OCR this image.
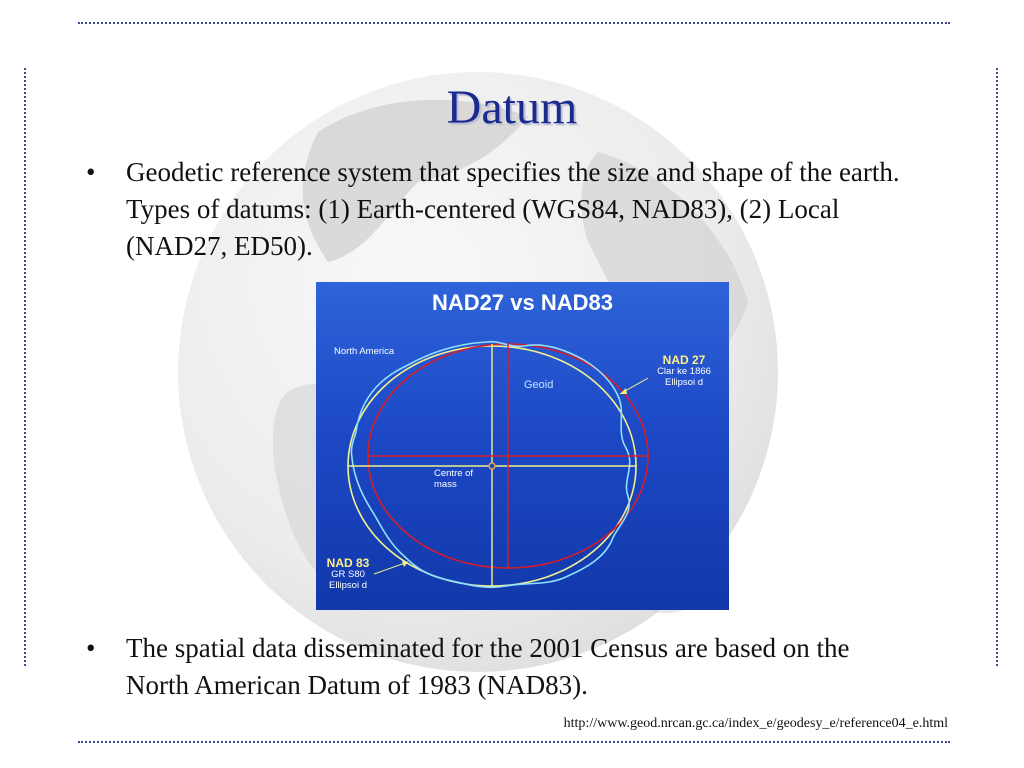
Datum
•	Geodetic reference system that specifies the size and shape of the earth. Types of datums: (1) Earth-centered (WGS84, NAD83), (2) Local (NAD27, ED50).
NAD27 vs NAD83
North America
Geoid
NAD 27
Clar ke 1866
Ellipsoi d
Centre of
mass
NAD 83
GR S80
Ellipsoi d
•	The spatial data disseminated for the 2001 Census are based on the North American Datum of 1983 (NAD83).
http://www.geod.nrcan.gc.ca/index_e/geodesy_e/reference04_e.html
